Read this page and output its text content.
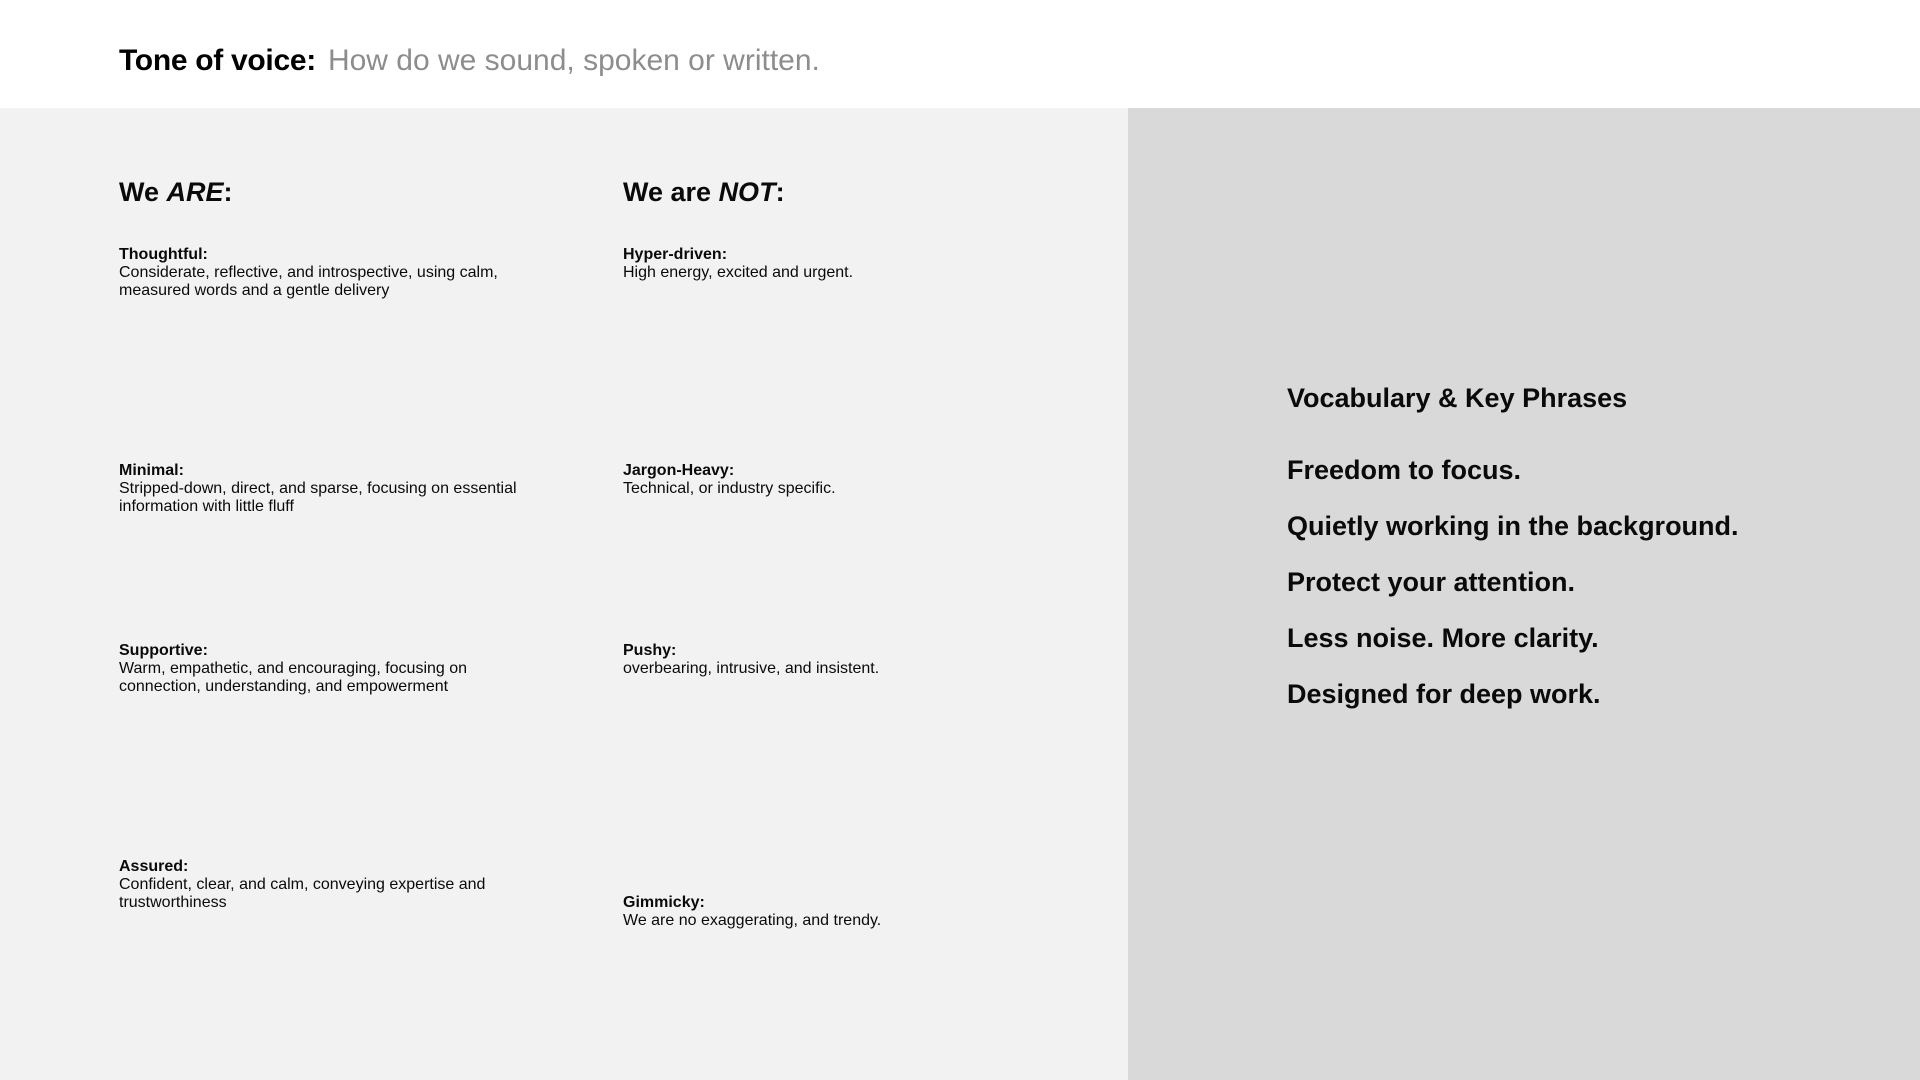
Tone of voice: How do we sound, spoken or written.
We ARE:
Thoughtful:
Considerate, reflective, and introspective, using calm, measured words and a gentle delivery
Minimal:
Stripped-down, direct, and sparse, focusing on essential information with little fluff
Supportive:
Warm, empathetic, and encouraging, focusing on connection, understanding, and empowerment
Assured:
Confident, clear, and calm, conveying expertise and trustworthiness
We are NOT:
Hyper-driven:
High energy, excited and urgent.
Jargon-Heavy:
Technical, or industry specific.
Pushy:
overbearing, intrusive, and insistent.
Gimmicky:
We are no exaggerating, and trendy.
Vocabulary & Key Phrases
Freedom to focus.
Quietly working in the background.
Protect your attention.
Less noise. More clarity.
Designed for deep work.
